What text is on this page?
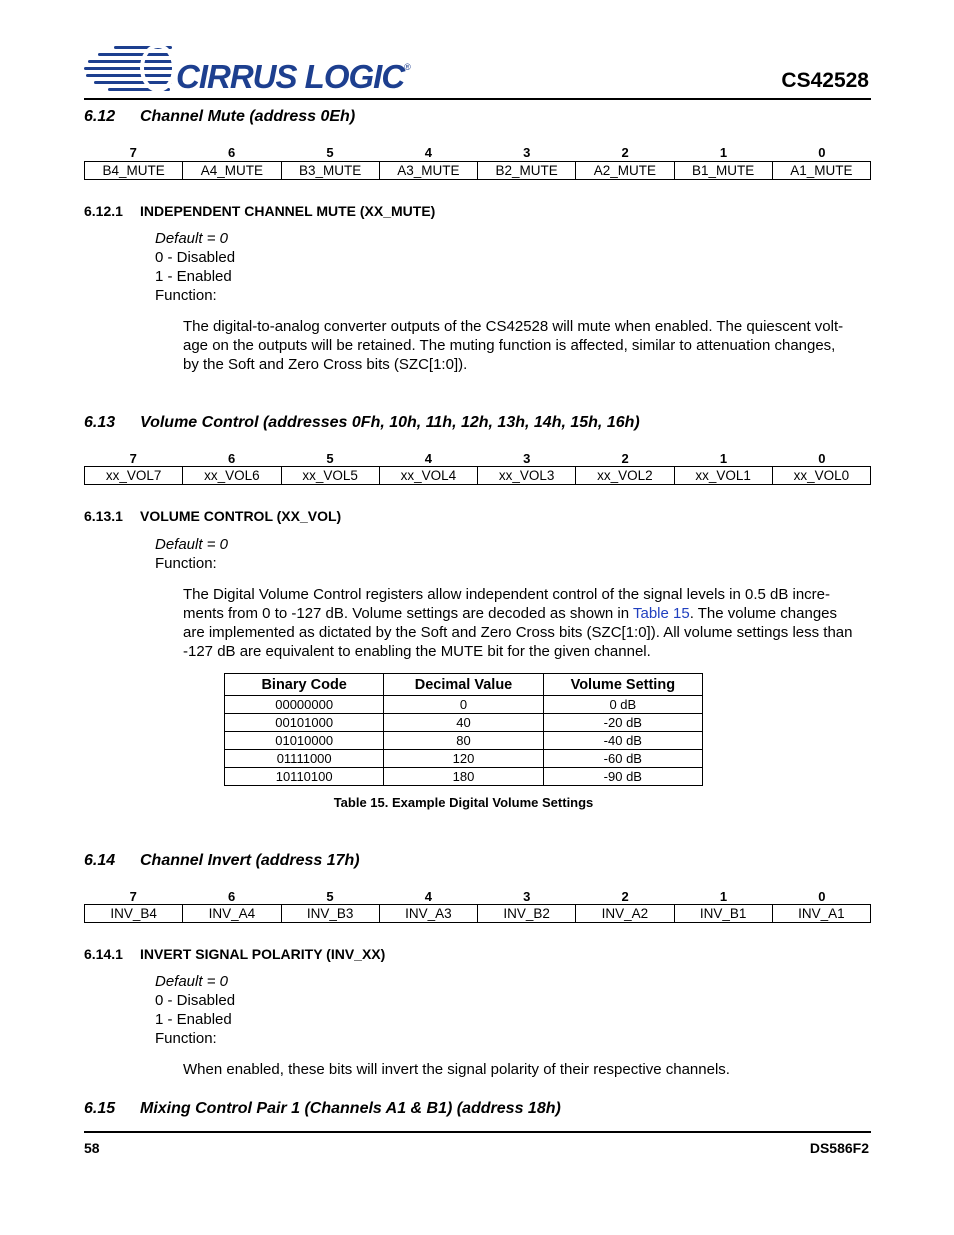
CIRRUS LOGIC®
CS42528
6.12 Channel Mute (address 0Eh)
7	6	5	4	3	2	1	0
B4_MUTE	A4_MUTE	B3_MUTE	A3_MUTE	B2_MUTE	A2_MUTE	B1_MUTE	A1_MUTE
6.12.1 INDEPENDENT CHANNEL MUTE (XX_MUTE)
Default = 0
0 - Disabled
1 - Enabled
Function:
The digital-to-analog converter outputs of the CS42528 will mute when enabled. The quiescent volt-
age on the outputs will be retained. The muting function is affected, similar to attenuation changes,
by the Soft and Zero Cross bits (SZC[1:0]).
6.13 Volume Control (addresses 0Fh, 10h, 11h, 12h, 13h, 14h, 15h, 16h)
7	6	5	4	3	2	1	0
xx_VOL7	xx_VOL6	xx_VOL5	xx_VOL4	xx_VOL3	xx_VOL2	xx_VOL1	xx_VOL0
6.13.1 VOLUME CONTROL (XX_VOL)
Default = 0
Function:
The Digital Volume Control registers allow independent control of the signal levels in 0.5 dB incre-
ments from 0 to -127 dB. Volume settings are decoded as shown in Table 15. The volume changes
are implemented as dictated by the Soft and Zero Cross bits (SZC[1:0]). All volume settings less than
-127 dB are equivalent to enabling the MUTE bit for the given channel.
Binary Code	Decimal Value	Volume Setting
00000000	0	0 dB
00101000	40	-20 dB
01010000	80	-40 dB
01111000	120	-60 dB
10110100	180	-90 dB
Table 15. Example Digital Volume Settings
6.14 Channel Invert (address 17h)
7	6	5	4	3	2	1	0
INV_B4	INV_A4	INV_B3	INV_A3	INV_B2	INV_A2	INV_B1	INV_A1
6.14.1 INVERT SIGNAL POLARITY (INV_XX)
Default = 0
0 - Disabled
1 - Enabled
Function:
When enabled, these bits will invert the signal polarity of their respective channels.
6.15 Mixing Control Pair 1 (Channels A1 & B1) (address 18h)
58	DS586F2
